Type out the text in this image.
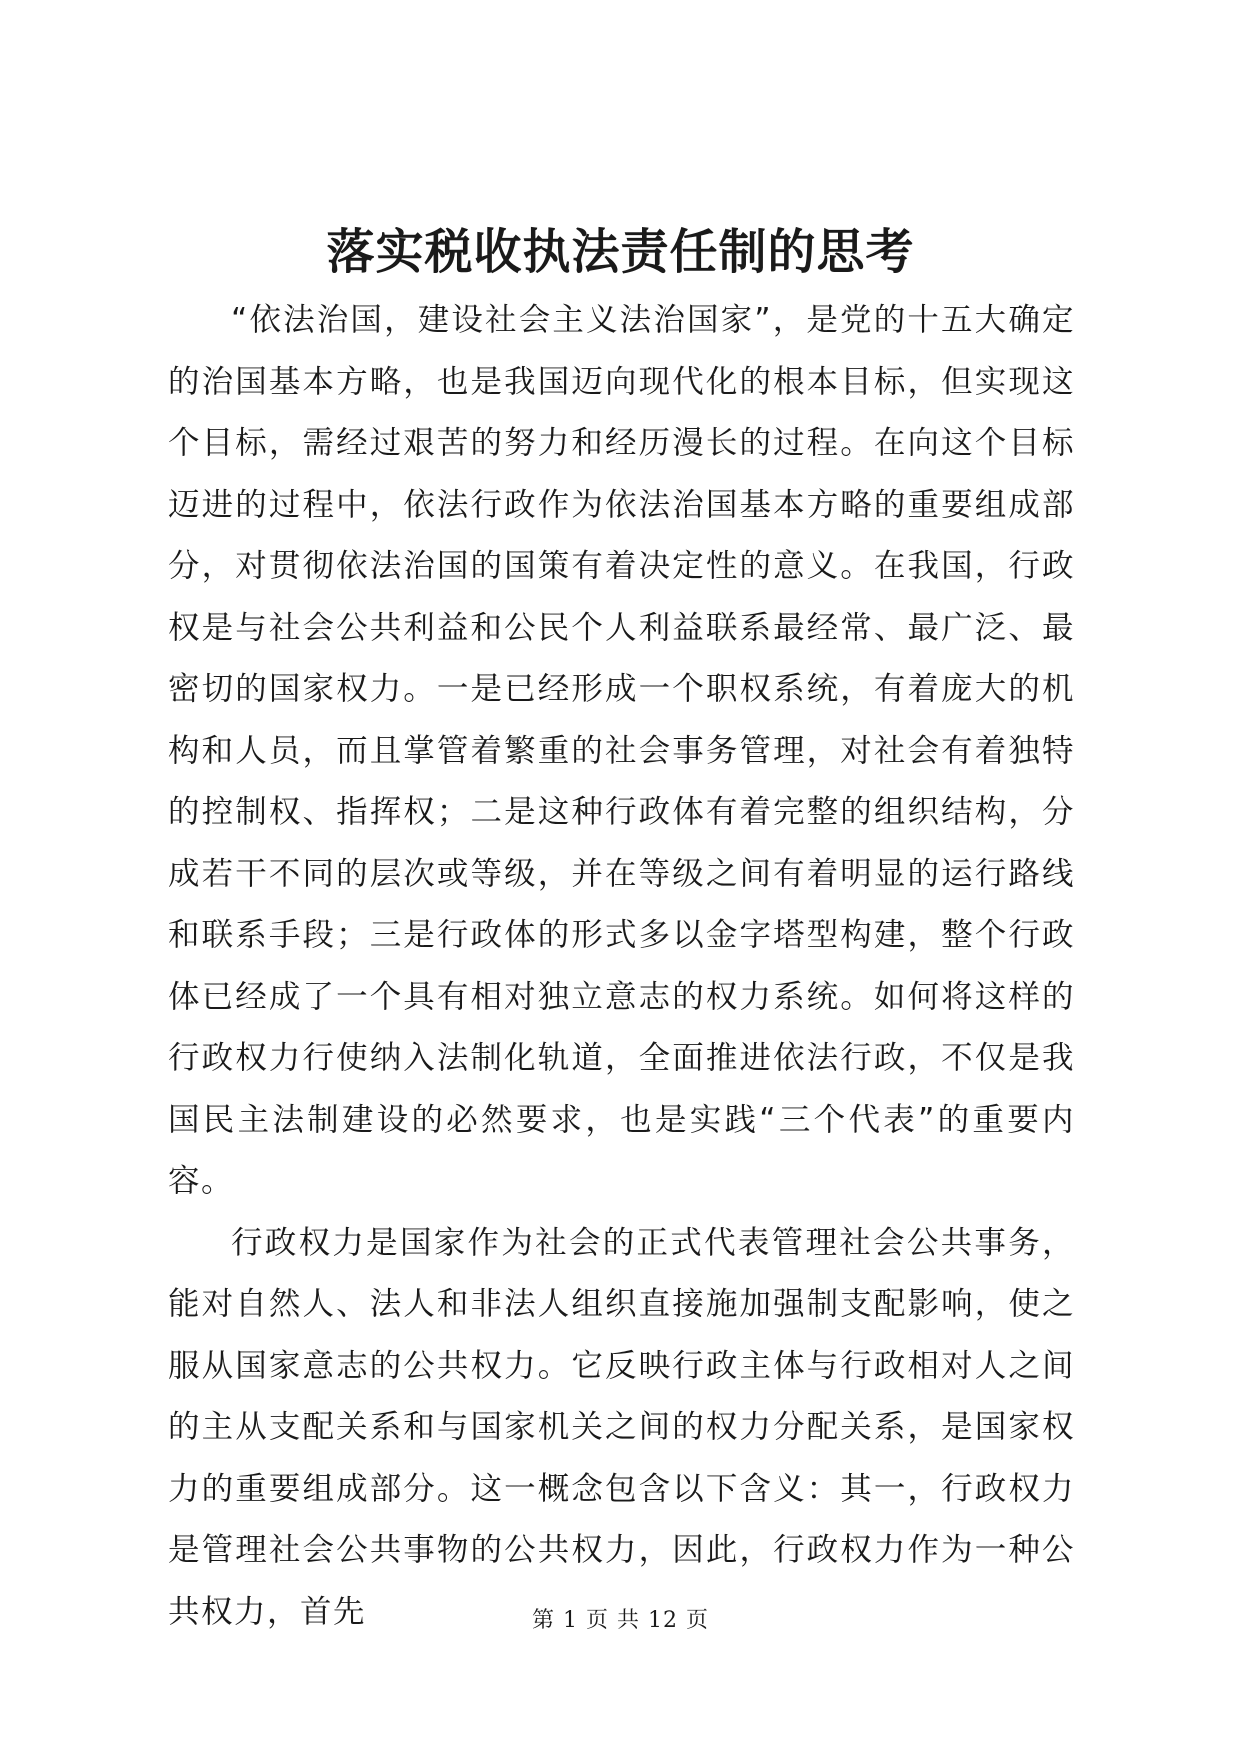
落实税收执法责任制的思考

“依法治国，建设社会主义法治国家”，是党的十五大确定的治国基本方略，也是我国迈向现代化的根本目标，但实现这个目标，需经过艰苦的努力和经历漫长的过程。在向这个目标迈进的过程中，依法行政作为依法治国基本方略的重要组成部分，对贯彻依法治国的国策有着决定性的意义。在我国，行政权是与社会公共利益和公民个人利益联系最经常、最广泛、最密切的国家权力。一是已经形成一个职权系统，有着庞大的机构和人员，而且掌管着繁重的社会事务管理，对社会有着独特的控制权、指挥权；二是这种行政体有着完整的组织结构，分成若干不同的层次或等级，并在等级之间有着明显的运行路线和联系手段；三是行政体的形式多以金字塔型构建，整个行政体已经成了一个具有相对独立意志的权力系统。如何将这样的行政权力行使纳入法制化轨道，全面推进依法行政，不仅是我国民主法制建设的必然要求，也是实践“三个代表”的重要内容。

行政权力是国家作为社会的正式代表管理社会公共事务，能对自然人、法人和非法人组织直接施加强制支配影响，使之服从国家意志的公共权力。它反映行政主体与行政相对人之间的主从支配关系和与国家机关之间的权力分配关系，是国家权力的重要组成部分。这一概念包含以下含义：其一，行政权力是管理社会公共事物的公共权力，因此，行政权力作为一种公共权力，首先	第 1 页 共 12 页
